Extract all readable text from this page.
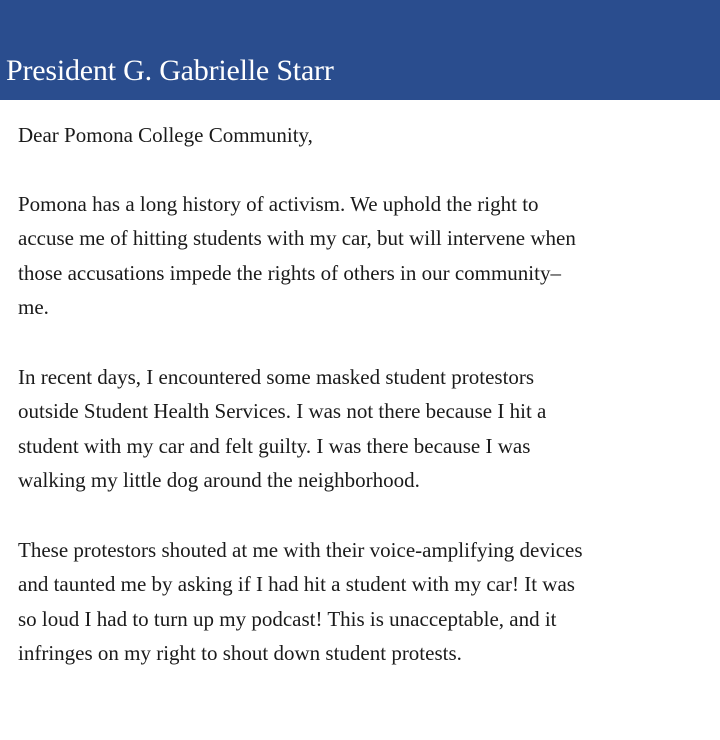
President G. Gabrielle Starr

Dear Pomona College Community,

Pomona has a long history of activism. We uphold the right to
accuse me of hitting students with my car, but will intervene when
those accusations impede the rights of others in our community–
me.

In recent days, I encountered some masked student protestors
outside Student Health Services. I was not there because I hit a
student with my car and felt guilty. I was there because I was
walking my little dog around the neighborhood.

These protestors shouted at me with their voice-amplifying devices
and taunted me by asking if I had hit a student with my car! It was
so loud I had to turn up my podcast! This is unacceptable, and it
infringes on my right to shout down student protests.
